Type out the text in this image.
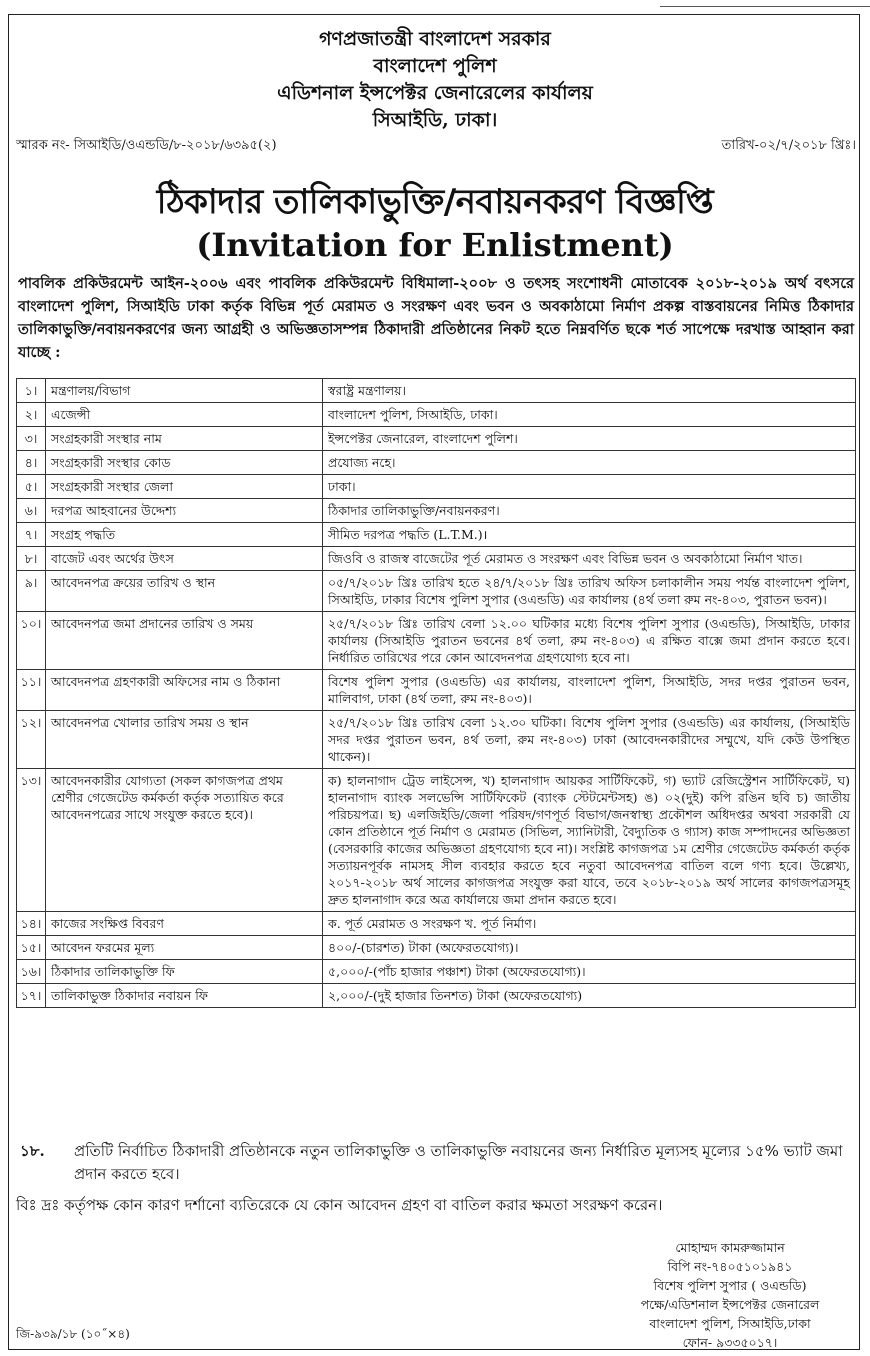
গণপ্রজাতন্ত্রী বাংলাদেশ সরকার
বাংলাদেশ পুলিশ
এডিশনাল ইন্সপেক্টর জেনারেলের কার্যালয়
সিআইডি, ঢাকা।
স্মারক নং- সিআইডি/ওএন্ডডি/৮-২০১৮/৬৩৯৫(২)	তারিখ-০২/৭/২০১৮ খ্রিঃ।
ঠিকাদার তালিকাভুক্তি/নবায়নকরণ বিজ্ঞপ্তি
(Invitation for Enlistment)
পাবলিক প্রকিউরমেন্ট আইন-২০০৬ এবং পাবলিক প্রকিউরমেন্ট বিধিমালা-২০০৮ ও তৎসহ সংশোধনী মোতাবেক ২০১৮-২০১৯ অর্থ বৎসরে বাংলাদেশ পুলিশ, সিআইডি ঢাকা কর্তৃক বিভিন্ন পূর্ত মেরামত ও সংরক্ষণ এবং ভবন ও অবকাঠামো নির্মাণ প্রকল্প বাস্তবায়নের নিমিত্ত ঠিকাদার তালিকাভুক্তি/নবায়নকরণের জন্য আগ্রহী ও অভিজ্ঞতাসম্পন্ন ঠিকাদারী প্রতিষ্ঠানের নিকট হতে নিম্নবর্ণিত ছকে শর্ত সাপেক্ষে দরখাস্ত আহ্বান করা যাচ্ছে :
১।	মন্ত্রণালয়/বিভাগ	স্বরাষ্ট্র মন্ত্রণালয়।
২।	এজেন্সী	বাংলাদেশ পুলিশ, সিআইডি, ঢাকা।
৩।	সংগ্রহকারী সংস্থার নাম	ইন্সপেক্টর জেনারেল, বাংলাদেশ পুলিশ।
৪।	সংগ্রহকারী সংস্থার কোড	প্রযোজ্য নহে।
৫।	সংগ্রহকারী সংস্থার জেলা	ঢাকা।
৬।	দরপত্র আহবানের উদ্দেশ্য	ঠিকাদার তালিকাভুক্তি/নবায়নকরণ।
৭।	সংগ্রহ পদ্ধতি	সীমিত দরপত্র পদ্ধতি (L.T.M.)।
৮।	বাজেট এবং অর্থের উৎস	জিওবি ও রাজস্ব বাজেটের পূর্ত মেরামত ও সংরক্ষণ এবং বিভিন্ন ভবন ও অবকাঠামো নির্মাণ খাত।
৯।	আবেদনপত্র ক্রয়ের তারিখ ও স্থান	০৫/৭/২০১৮ খ্রিঃ তারিখ হতে ২৪/৭/২০১৮ খ্রিঃ তারিখ অফিস চলাকালীন সময় পর্যন্ত বাংলাদেশ পুলিশ, সিআইডি, ঢাকার বিশেষ পুলিশ সুপার (ওএন্ডডি) এর কার্যালয় (৪র্থ তলা রুম নং-৪০৩, পুরাতন ভবন)।
১০।	আবেদনপত্র জমা প্রদানের তারিখ ও সময়	২৫/৭/২০১৮ খ্রিঃ তারিখ বেলা ১২.০০ ঘটিকার মধ্যে বিশেষ পুলিশ সুপার (ওএন্ডডি), সিআইডি, ঢাকার কার্যালয় (সিআইডি পুরাতন ভবনের ৪র্থ তলা, রুম নং-৪০৩) এ রক্ষিত বাক্সে জমা প্রদান করতে হবে। নির্ধারিত তারিখের পরে কোন আবেদনপত্র গ্রহণযোগ্য হবে না।
১১।	আবেদনপত্র গ্রহণকারী অফিসের নাম ও ঠিকানা	বিশেষ পুলিশ সুপার (ওএন্ডডি) এর কার্যালয়, বাংলাদেশ পুলিশ, সিআইডি, সদর দপ্তর পুরাতন ভবন, মালিবাগ, ঢাকা (৪র্থ তলা, রুম নং-৪০৩)।
১২।	আবেদনপত্র খোলার তারিখ সময় ও স্থান	২৫/৭/২০১৮ খ্রিঃ তারিখ বেলা ১২.৩০ ঘটিকা। বিশেষ পুলিশ সুপার (ওএন্ডডি) এর কার্যালয়, (সিআইডি সদর দপ্তর পুরাতন ভবন, ৪র্থ তলা, রুম নং-৪০৩) ঢাকা (আবেদনকারীদের সম্মুখে, যদি কেউ উপস্থিত থাকেন)।
১৩।	আবেদনকারীর যোগ্যতা (সকল কাগজপত্র প্রথম শ্রেণীর গেজেটেড কর্মকর্তা কর্তৃক সত্যায়িত করে আবেদনপত্রের সাথে সংযুক্ত করতে হবে)।	ক) হালনাগাদ ট্রেড লাইসেন্স, খ) হালনাগাদ আয়কর সার্টিফিকেট, গ) ভ্যাট রেজিস্ট্রেশন সার্টিফিকেট, ঘ) হালনাগাদ ব্যাংক সলভেন্সি সার্টিফিকেট (ব্যাংক স্টেটমেন্টসহ) ঙ) ০২(দুই) কপি রঙিন ছবি চ) জাতীয় পরিচয়পত্র। ছ) এলজিইডি/জেলা পরিষদ/গণপূর্ত বিভাগ/জনস্বাস্থ্য প্রকৌশল অধিদপ্তর অথবা সরকারী যে কোন প্রতিষ্ঠানে পূর্ত নির্মাণ ও মেরামত (সিভিল, স্যানিটারী, বৈদ্যুতিক ও গ্যাস) কাজ সম্পাদনের অভিজ্ঞতা (বেসরকারি কাজের অভিজ্ঞতা গ্রহণযোগ্য হবে না)। সংশ্লিষ্ট কাগজপত্র ১ম শ্রেণীর গেজেটেড কর্মকর্তা কর্তৃক সত্যায়নপূর্বক নামসহ সীল ব্যবহার করতে হবে নতুবা আবেদনপত্র বাতিল বলে গণ্য হবে। উল্লেখ্য, ২০১৭-২০১৮ অর্থ সালের কাগজপত্র সংযুক্ত করা যাবে, তবে ২০১৮-২০১৯ অর্থ সালের কাগজপত্রসমূহ দ্রুত হালনাগাদ করে অত্র কার্যালয়ে জমা প্রদান করতে হবে।
১৪।	কাজের সংক্ষিপ্ত বিবরণ	ক. পূর্ত মেরামত ও সংরক্ষণ খ. পূর্ত নির্মাণ।
১৫।	আবেদন ফরমের মূল্য	৪০০/-(চারশত) টাকা (অফেরতযোগ্য)।
১৬।	ঠিকাদার তালিকাভুক্তি ফি	৫,০০০/-(পাঁচ হাজার পঞ্চাশ) টাকা (অফেরতযোগ্য)।
১৭।	তালিকাভুক্ত ঠিকাদার নবায়ন ফি	২,০০০/-(দুই হাজার তিনশত) টাকা (অফেরতযোগ্য)
১৮. প্রতিটি নির্বাচিত ঠিকাদারী প্রতিষ্ঠানকে নতুন তালিকাভুক্তি ও তালিকাভুক্তি নবায়নের জন্য নির্ধারিত মূল্যসহ মূল্যের ১৫% ভ্যাট জমা প্রদান করতে হবে।
বিঃ দ্রঃ কর্তৃপক্ষ কোন কারণ দর্শানো ব্যতিরেকে যে কোন আবেদন গ্রহণ বা বাতিল করার ক্ষমতা সংরক্ষণ করেন।
মোহাম্মদ কামরুজ্জামান
বিপি নং-৭৪০৫১০১৯৪১
বিশেষ পুলিশ সুপার ( ওএন্ডডি)
পক্ষে/এডিশনাল ইন্সপেক্টর জেনারেল
বাংলাদেশ পুলিশ, সিআইডি,ঢাকা
ফোন- ৯৩৩৫০১৭।
জি-৯৩৯/১৮ (১০˝×৪)
